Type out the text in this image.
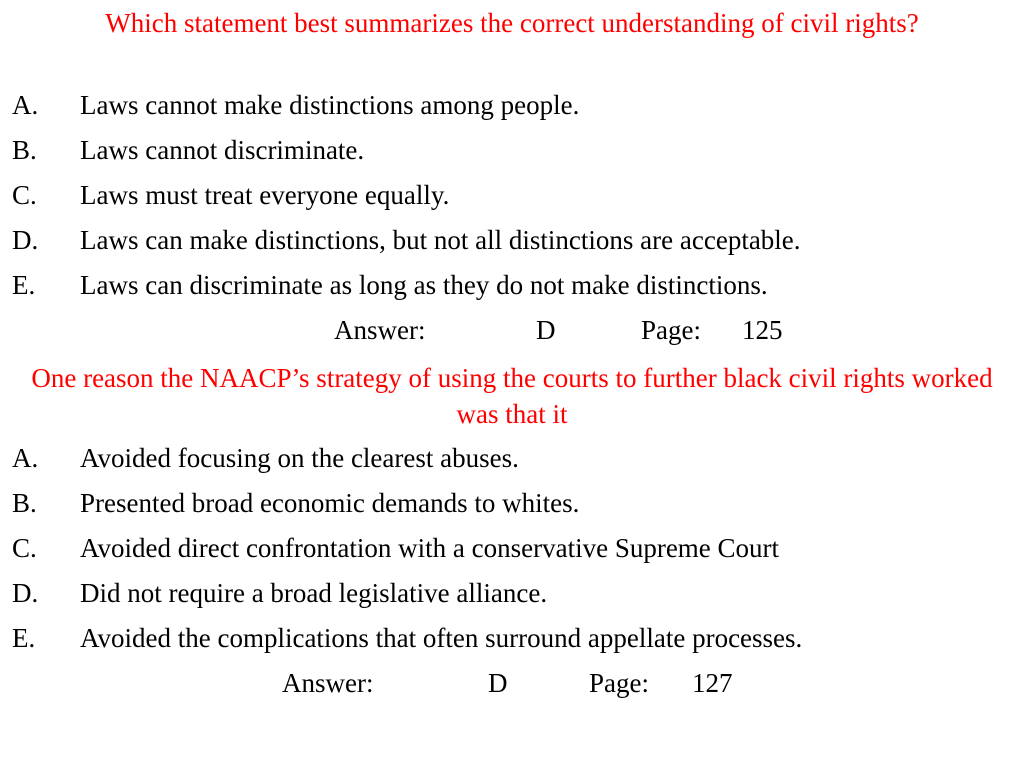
Which statement best summarizes the correct understanding of civil rights?
A. Laws cannot make distinctions among people.
B. Laws cannot discriminate.
C. Laws must treat everyone equally.
D. Laws can make distinctions, but not all distinctions are acceptable.
E. Laws can discriminate as long as they do not make distinctions.
Answer:	D	Page: 125
One reason the NAACP’s strategy of using the courts to further black civil rights worked was that it
A. Avoided focusing on the clearest abuses.
B. Presented broad economic demands to whites.
C. Avoided direct confrontation with a conservative Supreme Court
D. Did not require a broad legislative alliance.
E. Avoided the complications that often surround appellate processes.
Answer:	D	Page: 127
